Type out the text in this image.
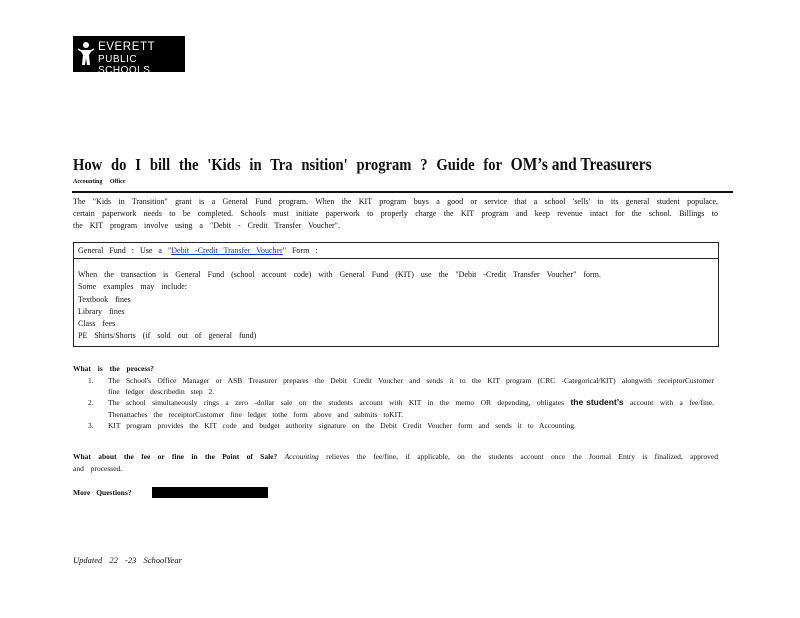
EVERETT
PUBLIC SCHOOLS
How do I bill the 'Kids in Tra nsition' program ? Guide for OM’s and Treasurers
Accounting Office
The "Kids in Transition" grant is a General Fund program. When the KIT program buys a good or service that a school 'sells' to its general student populace, certain paperwork needs to be completed. Schools must initiate paperwork to properly charge the KIT program and keep revenue intact for the school. Billings to the KIT program involve using a "Debit - Credit Transfer Voucher".
General Fund : Use a "Debit -Credit Transfer Voucher" Form :
When the transaction is General Fund (school account code) with General Fund (KIT) use the "Debit -Credit Transfer Voucher" form.
Some examples may include:
Textbook fines
Library fines
Class fees
PE Shirts/Shorts (if sold out of general fund)
What is the process?
1. The School's Office Manager or ASB Treasurer prepares the Debit Credit Voucher and sends it to the KIT program (CRC -Categorical/KIT) alongwith receiptorCustomer fine ledger describedin step 2.
2. The school simultaneously rings a zero -dollar sale on the students account with KIT in the memo OR depending, obligates the student’s account with a fee/fine. Thenattaches the receiptorCustomer fine ledger tothe form above and submits toKIT.
3. KIT program provides the KIT code and budget authority signature on the Debit Credit Voucher form and sends it to Accounting.
What about the fee or fine in the Point of Sale? Accounting relieves the fee/fine, if applicable, on the students account once the Journal Entry is finalized, approved and processed.
More Questions?
Updated 22 -23 SchoolYear
